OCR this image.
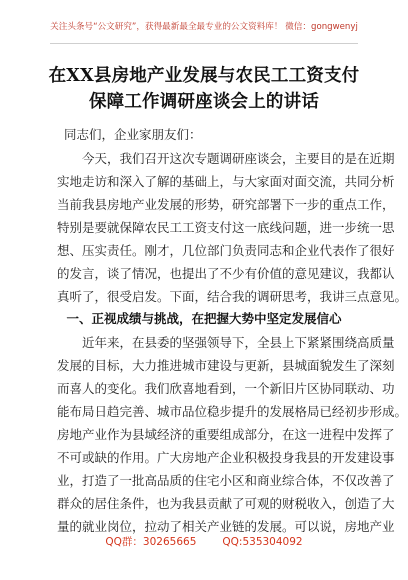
关注头条号“公文研究”，获得最新最全最专业的公文资料库！ 微信：gongwenyj
在XX县房地产业发展与农民工工资支付
保障工作调研座谈会上的讲话
同志们，企业家朋友们：
今天，我们召开这次专题调研座谈会，主要目的是在近期
实地走访和深入了解的基础上，与大家面对面交流，共同分析
当前我县房地产业发展的形势，研究部署下一步的重点工作，
特别是要就保障农民工工资支付这一底线问题，进一步统一思
想、压实责任。刚才，几位部门负责同志和企业代表作了很好
的发言，谈了情况，也提出了不少有价值的意见建议，我都认
真听了，很受启发。下面，结合我的调研思考，我讲三点意见。
一、正视成绩与挑战，在把握大势中坚定发展信心
近年来，在县委的坚强领导下，全县上下紧紧围绕高质量
发展的目标，大力推进城市建设与更新，县城面貌发生了深刻
而喜人的变化。我们欣喜地看到，一个新旧片区协同联动、功
能布局日趋完善、城市品位稳步提升的发展格局已经初步形成。
房地产业作为县域经济的重要组成部分，在这一进程中发挥了
不可或缺的作用。广大房地产企业积极投身我县的开发建设事
业，打造了一批高品质的住宅小区和商业综合体，不仅改善了
群众的居住条件，也为我县贡献了可观的财税收入，创造了大
量的就业岗位，拉动了相关产业链的发展。可以说，房地产业
QQ群：30265665 QQ:535304092
